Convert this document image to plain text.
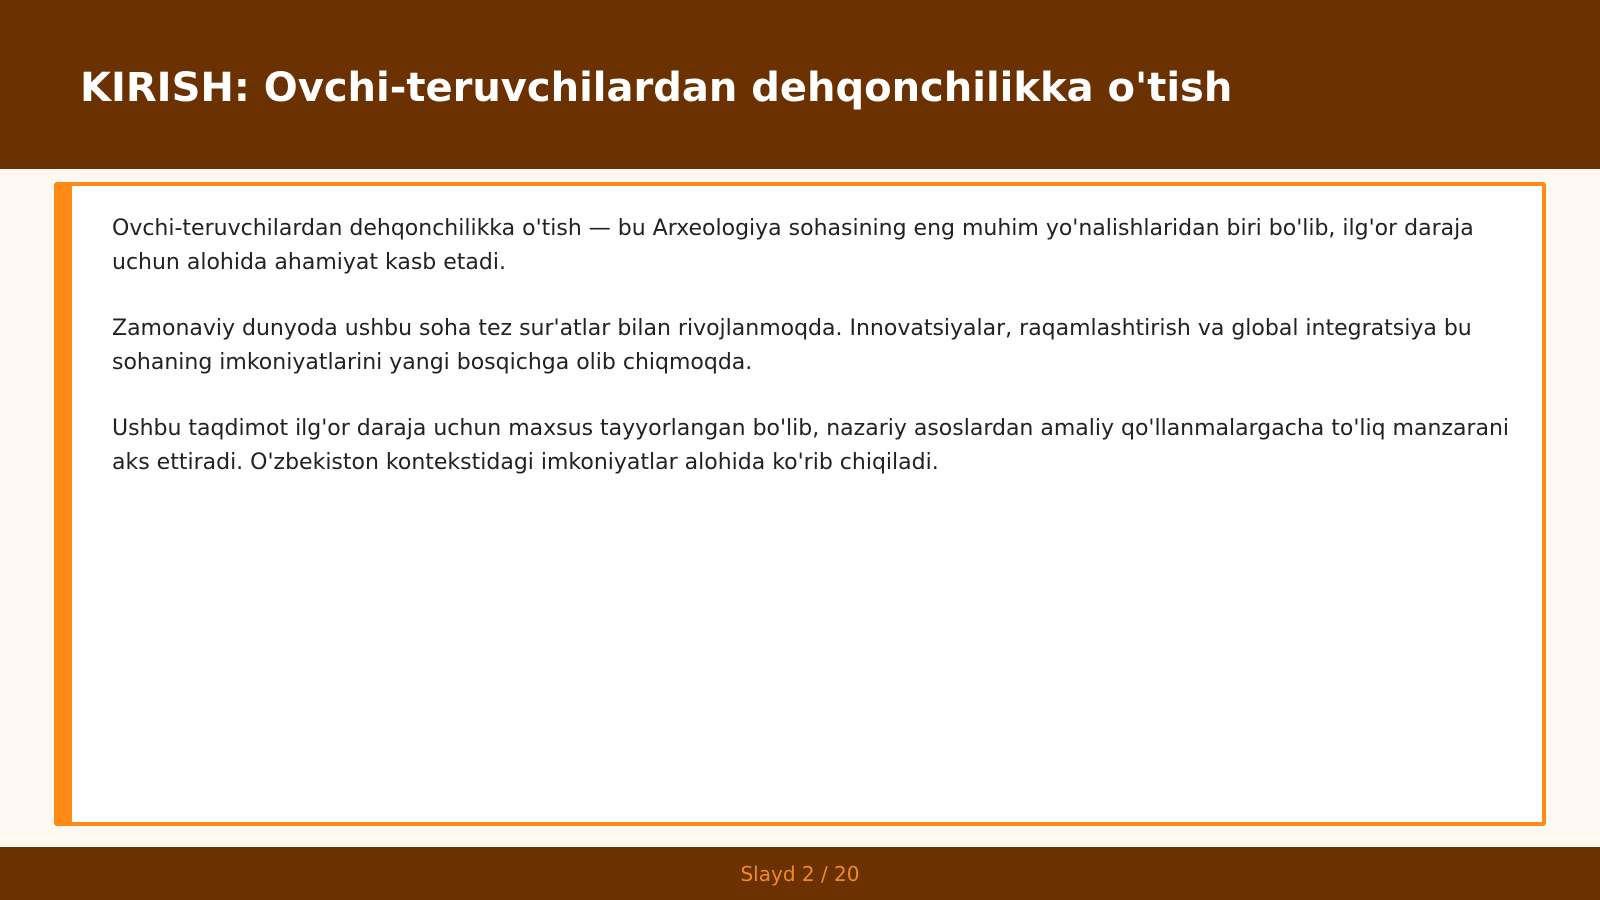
KIRISH: Ovchi-teruvchilardan dehqonchilikka o'tish

Ovchi-teruvchilardan dehqonchilikka o'tish — bu Arxeologiya sohasining eng muhim yo'nalishlaridan biri bo'lib, ilg'or daraja uchun alohida ahamiyat kasb etadi.

Zamonaviy dunyoda ushbu soha tez sur'atlar bilan rivojlanmoqda. Innovatsiyalar, raqamlashtirish va global integratsiya bu sohaning imkoniyatlarini yangi bosqichga olib chiqmoqda.

Ushbu taqdimot ilg'or daraja uchun maxsus tayyorlangan bo'lib, nazariy asoslardan amaliy qo'llanmalargacha to'liq manzarani aks ettiradi. O'zbekiston kontekstidagi imkoniyatlar alohida ko'rib chiqiladi.

Slayd 2 / 20
